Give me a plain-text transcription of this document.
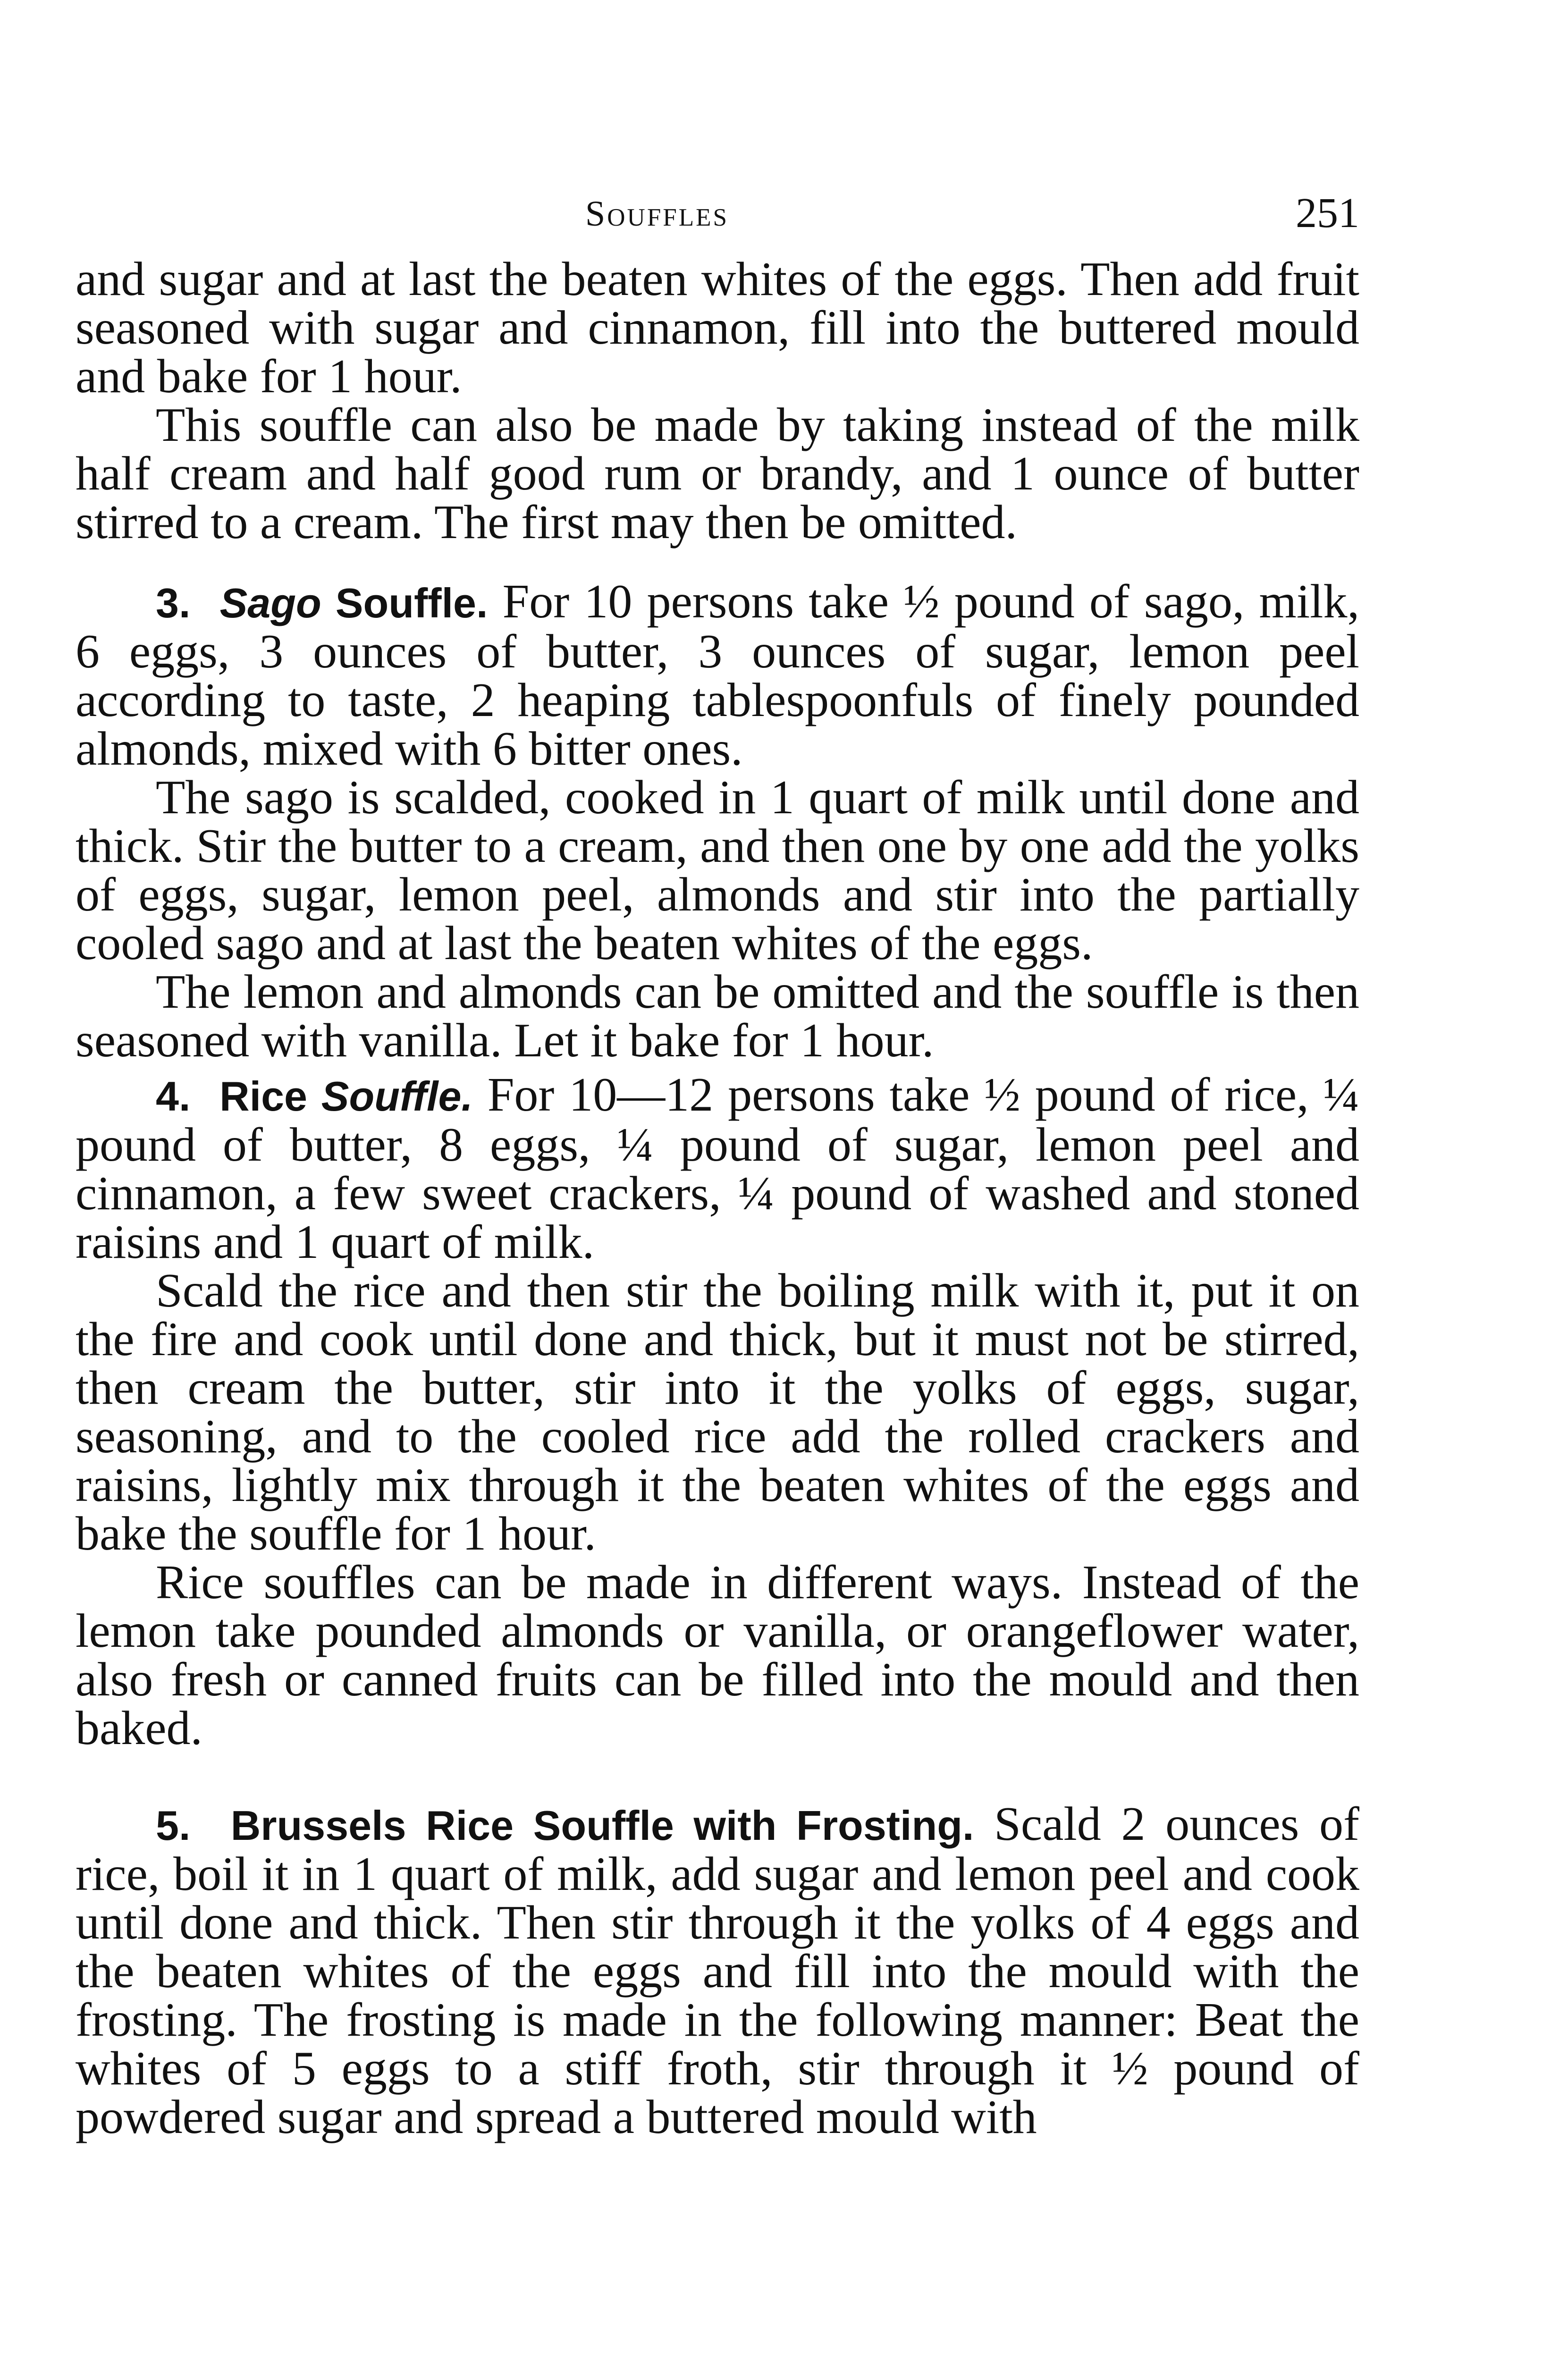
Souffles	251

and sugar and at last the beaten whites of the eggs. Then add fruit seasoned with sugar and cinnamon, fill into the buttered mould and bake for 1 hour.

This souffle can also be made by taking instead of the milk half cream and half good rum or brandy, and 1 ounce of butter stirred to a cream. The first may then be omitted.

3. Sago Souffle. For 10 persons take ½ pound of sago, milk, 6 eggs, 3 ounces of butter, 3 ounces of sugar, lemon peel according to taste, 2 heaping tablespoonfuls of finely pounded almonds, mixed with 6 bitter ones.

The sago is scalded, cooked in 1 quart of milk until done and thick. Stir the butter to a cream, and then one by one add the yolks of eggs, sugar, lemon peel, almonds and stir into the partially cooled sago and at last the beaten whites of the eggs.

The lemon and almonds can be omitted and the souffle is then seasoned with vanilla. Let it bake for 1 hour.

4. Rice Souffle. For 10—12 persons take ½ pound of rice, ¼ pound of butter, 8 eggs, ¼ pound of sugar, lemon peel and cinnamon, a few sweet crackers, ¼ pound of washed and stoned raisins and 1 quart of milk.

Scald the rice and then stir the boiling milk with it, put it on the fire and cook until done and thick, but it must not be stirred, then cream the butter, stir into it the yolks of eggs, sugar, seasoning, and to the cooled rice add the rolled crackers and raisins, lightly mix through it the beaten whites of the eggs and bake the souffle for 1 hour.

Rice souffles can be made in different ways. Instead of the lemon take pounded almonds or vanilla, or orangeflower water, also fresh or canned fruits can be filled into the mould and then baked.

5. Brussels Rice Souffle with Frosting. Scald 2 ounces of rice, boil it in 1 quart of milk, add sugar and lemon peel and cook until done and thick. Then stir through it the yolks of 4 eggs and the beaten whites of the eggs and fill into the mould with the frosting. The frosting is made in the following manner: Beat the whites of 5 eggs to a stiff froth, stir through it ½ pound of powdered sugar and spread a buttered mould with
